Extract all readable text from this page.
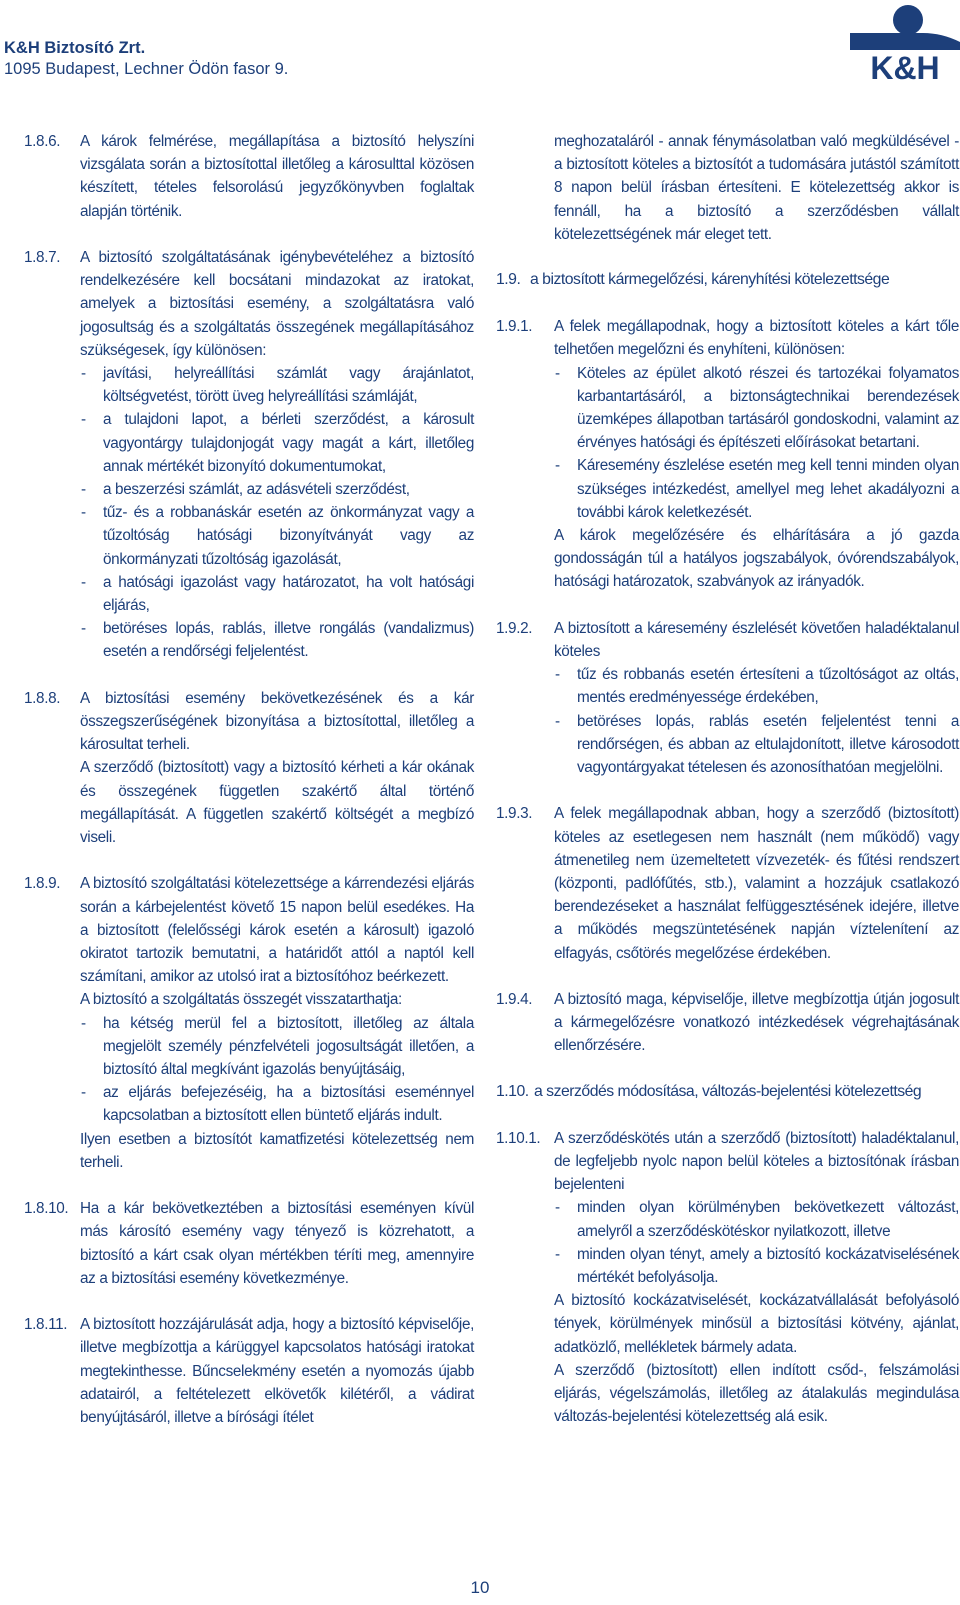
K&H Biztosító Zrt.
1095 Budapest, Lechner Ödön fasor 9.	K&H
1.8.6.	A károk felmérése, megállapítása a biztosító helyszíni vizsgálata során a biztosítottal illetőleg a károsulttal közösen készített, tételes felsorolású jegyzőkönyvben foglaltak alapján történik.

1.8.7.	A biztosító szolgáltatásának igénybevételéhez a biztosító rendelkezésére kell bocsátani mindazokat az iratokat, amelyek a biztosítási esemény, a szolgáltatásra való jogosultság és a szolgáltatás összegének megállapításához szükségesek, így különösen:

- javítási, helyreállítási számlát vagy árajánlatot, költségvetést, törött üveg helyreállítási számláját,
- a tulajdoni lapot, a bérleti szerződést, a károsult vagyontárgy tulajdonjogát vagy magát a kárt, illetőleg annak mértékét bizonyító dokumentumokat,
- a beszerzési számlát, az adásvételi szerződést,
- tűz- és a robbanáskár esetén az önkormányzat vagy a tűzoltóság hatósági bizonyítványát vagy az önkormányzati tűzoltóság igazolását,
- a hatósági igazolást vagy határozatot, ha volt hatósági eljárás,
- betöréses lopás, rablás, illetve rongálás (vandalizmus) esetén a rendőrségi feljelentést.
1.8.8.	A biztosítási esemény bekövetkezésének és a kár összegszerűségének bizonyítása a biztosítottal, illetőleg a károsultat terheli.

A szerződő (biztosított) vagy a biztosító kérheti a kár okának és összegének független szakértő által történő megállapítását. A független szakértő költségét a megbízó viseli.

1.8.9.	A biztosító szolgáltatási kötelezettsége a kárrendezési eljárás során a kárbejelentést követő 15 napon belül esedékes. Ha a biztosított (felelősségi károk esetén a károsult) igazoló okiratot tartozik bemutatni, a határidőt attól a naptól kell számítani, amikor az utolsó irat a biztosítóhoz beérkezett.

A biztosító a szolgáltatás összegét visszatarthatja:

- ha kétség merül fel a biztosított, illetőleg az általa megjelölt személy pénzfelvételi jogosultságát illetően, a biztosító által megkívánt igazolás benyújtásáig,
- az eljárás befejezéséig, ha a biztosítási eseménnyel kapcsolatban a biztosított ellen büntető eljárás indult.

Ilyen esetben a biztosítót kamatfizetési kötelezettség nem terheli.

1.8.10. Ha a kár bekövetkeztében a biztosítási eseményen kívül más károsító esemény vagy tényező is közrehatott, a biztosító a kárt csak olyan mértékben téríti meg, amennyire az a biztosítási esemény következménye.

1.8.11. A biztosított hozzájárulását adja, hogy a biztosító képviselője, illetve megbízottja a kárüggyel kapcsolatos hatósági iratokat megtekinthesse. Bűncselekmény esetén a nyomozás újabb adatairól, a feltételezett elkövetők kilétéről, a vádirat benyújtásáról, illetve a bírósági ítélet

meghozataláról - annak fénymásolatban való megküldésével - a biztosított köteles a biztosítót a tudomására jutástól számított 8 napon belül írásban értesíteni. E kötelezettség akkor is fennáll, ha a biztosító a szerződésben vállalt kötelezettségének már eleget tett.

1.9. a biztosított kármegelőzési, kárenyhítési kötelezettsége
1.9.1.	A felek megállapodnak, hogy a biztosított köteles a kárt tőle telhetően megelőzni és enyhíteni, különösen:

- Köteles az épület alkotó részei és tartozékai folyamatos karbantartásáról, a biztonságtechnikai berendezések üzemképes állapotban tartásáról gondoskodni, valamint az érvényes hatósági és építészeti előírásokat betartani.
- Káresemény észlelése esetén meg kell tenni minden olyan szükséges intézkedést, amellyel meg lehet akadályozni a további károk keletkezését.

A károk megelőzésére és elhárítására a jó gazda gondosságán túl a hatályos jogszabályok, óvórendszabályok, hatósági határozatok, szabványok az irányadók.

1.9.2.	A biztosított a káresemény észlelését követően haladéktalanul köteles

- tűz és robbanás esetén értesíteni a tűzoltóságot az oltás, mentés eredményessége érdekében,
- betöréses lopás, rablás esetén feljelentést tenni a rendőrségen, és abban az eltulajdonított, illetve károsodott vagyontárgyakat tételesen és azonosíthatóan megjelölni.
1.9.3.	A felek megállapodnak abban, hogy a szerződő (biztosított) köteles az esetlegesen nem használt (nem működő) vagy átmenetileg nem üzemeltetett vízvezeték- és fűtési rendszert (központi, padlófűtés, stb.), valamint a hozzájuk csatlakozó berendezéseket a használat felfüggesztésének idejére, illetve a működés megszüntetésének napján víztelenítení az elfagyás, csőtörés megelőzése érdekében.

1.9.4.	A biztosító maga, képviselője, illetve megbízottja útján jogosult a kármegelőzésre vonatkozó intézkedések végrehajtásának ellenőrzésére.

1.10. a szerződés módosítása, változás-bejelentési kötelezettség
1.10.1. A szerződéskötés után a szerződő (biztosított) haladéktalanul, de legfeljebb nyolc napon belül köteles a biztosítónak írásban bejelenteni

- minden olyan körülményben bekövetkezett változást, amelyről a szerződéskötéskor nyilatkozott, illetve
- minden olyan tényt, amely a biztosító kockázatviselésének mértékét befolyásolja.

A biztosító kockázatviselését, kockázatvállalását befolyásoló tények, körülmények minősül a biztosítási kötvény, ajánlat, adatközlő, mellékletek bármely adata.

A szerződő (biztosított) ellen indított csőd-, felszámolási eljárás, végelszámolás, illetőleg az átalakulás megindulása változás-bejelentési kötelezettség alá esik.

10
